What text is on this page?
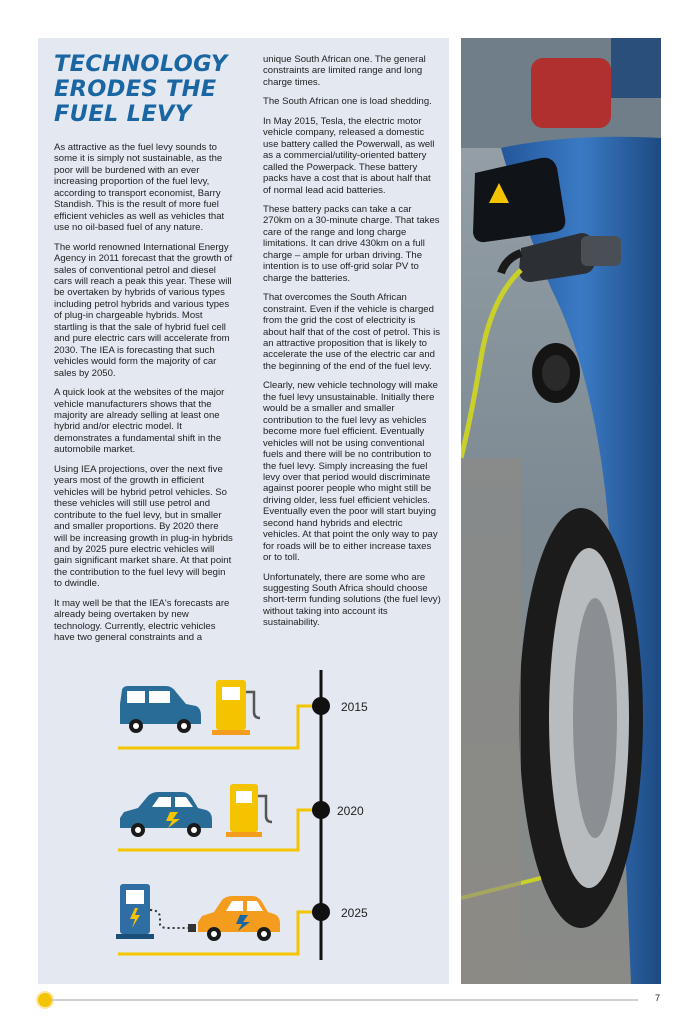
TECHNOLOGY ERODES THE FUEL LEVY

As attractive as the fuel levy sounds to some it is simply not sustainable, as the poor will be burdened with an ever increasing proportion of the fuel levy, according to transport economist, Barry Standish. This is the result of more fuel efficient vehicles as well as vehicles that use no oil-based fuel of any nature.

The world renowned International Energy Agency in 2011 forecast that the growth of sales of conventional petrol and diesel cars will reach a peak this year. These will be overtaken by hybrids of various types including petrol hybrids and various types of plug-in chargeable hybrids. Most startling is that the sale of hybrid fuel cell and pure electric cars will accelerate from 2030. The IEA is forecasting that such vehicles would form the majority of car sales by 2050.

A quick look at the websites of the major vehicle manufacturers shows that the majority are already selling at least one hybrid and/or electric model. It demonstrates a fundamental shift in the automobile market.

Using IEA projections, over the next five years most of the growth in efficient vehicles will be hybrid petrol vehicles. So these vehicles will still use petrol and contribute to the fuel levy, but in smaller and smaller proportions. By 2020 there will be increasing growth in plug-in hybrids and by 2025 pure electric vehicles will gain significant market share. At that point the contribution to the fuel levy will begin to dwindle.

It may well be that the IEA's forecasts are already being overtaken by new technology. Currently, electric vehicles have two general constraints and a

unique South African one. The general constraints are limited range and long charge times.

The South African one is load shedding.

In May 2015, Tesla, the electric motor vehicle company, released a domestic use battery called the Powerwall, as well as a commercial/utility-oriented battery called the Powerpack. These battery packs have a cost that is about half that of normal lead acid batteries.

These battery packs can take a car 270km on a 30-minute charge. That takes care of the range and long charge limitations. It can drive 430km on a full charge – ample for urban driving. The intention is to use off-grid solar PV to charge the batteries.

That overcomes the South African constraint. Even if the vehicle is charged from the grid the cost of electricity is about half that of the cost of petrol. This is an attractive proposition that is likely to accelerate the use of the electric car and the beginning of the end of the fuel levy.

Clearly, new vehicle technology will make the fuel levy unsustainable. Initially there would be a smaller and smaller contribution to the fuel levy as vehicles become more fuel efficient. Eventually vehicles will not be using conventional fuels and there will be no contribution to the fuel levy. Simply increasing the fuel levy over that period would discriminate against poorer people who might still be driving older, less fuel efficient vehicles. Eventually even the poor will start buying second hand hybrids and electric vehicles. At that point the only way to pay for roads will be to either increase taxes or to toll.

Unfortunately, there are some who are suggesting South Africa should choose short-term funding solutions (the fuel levy) without taking into account its sustainability.

2015
2020
2025
7
